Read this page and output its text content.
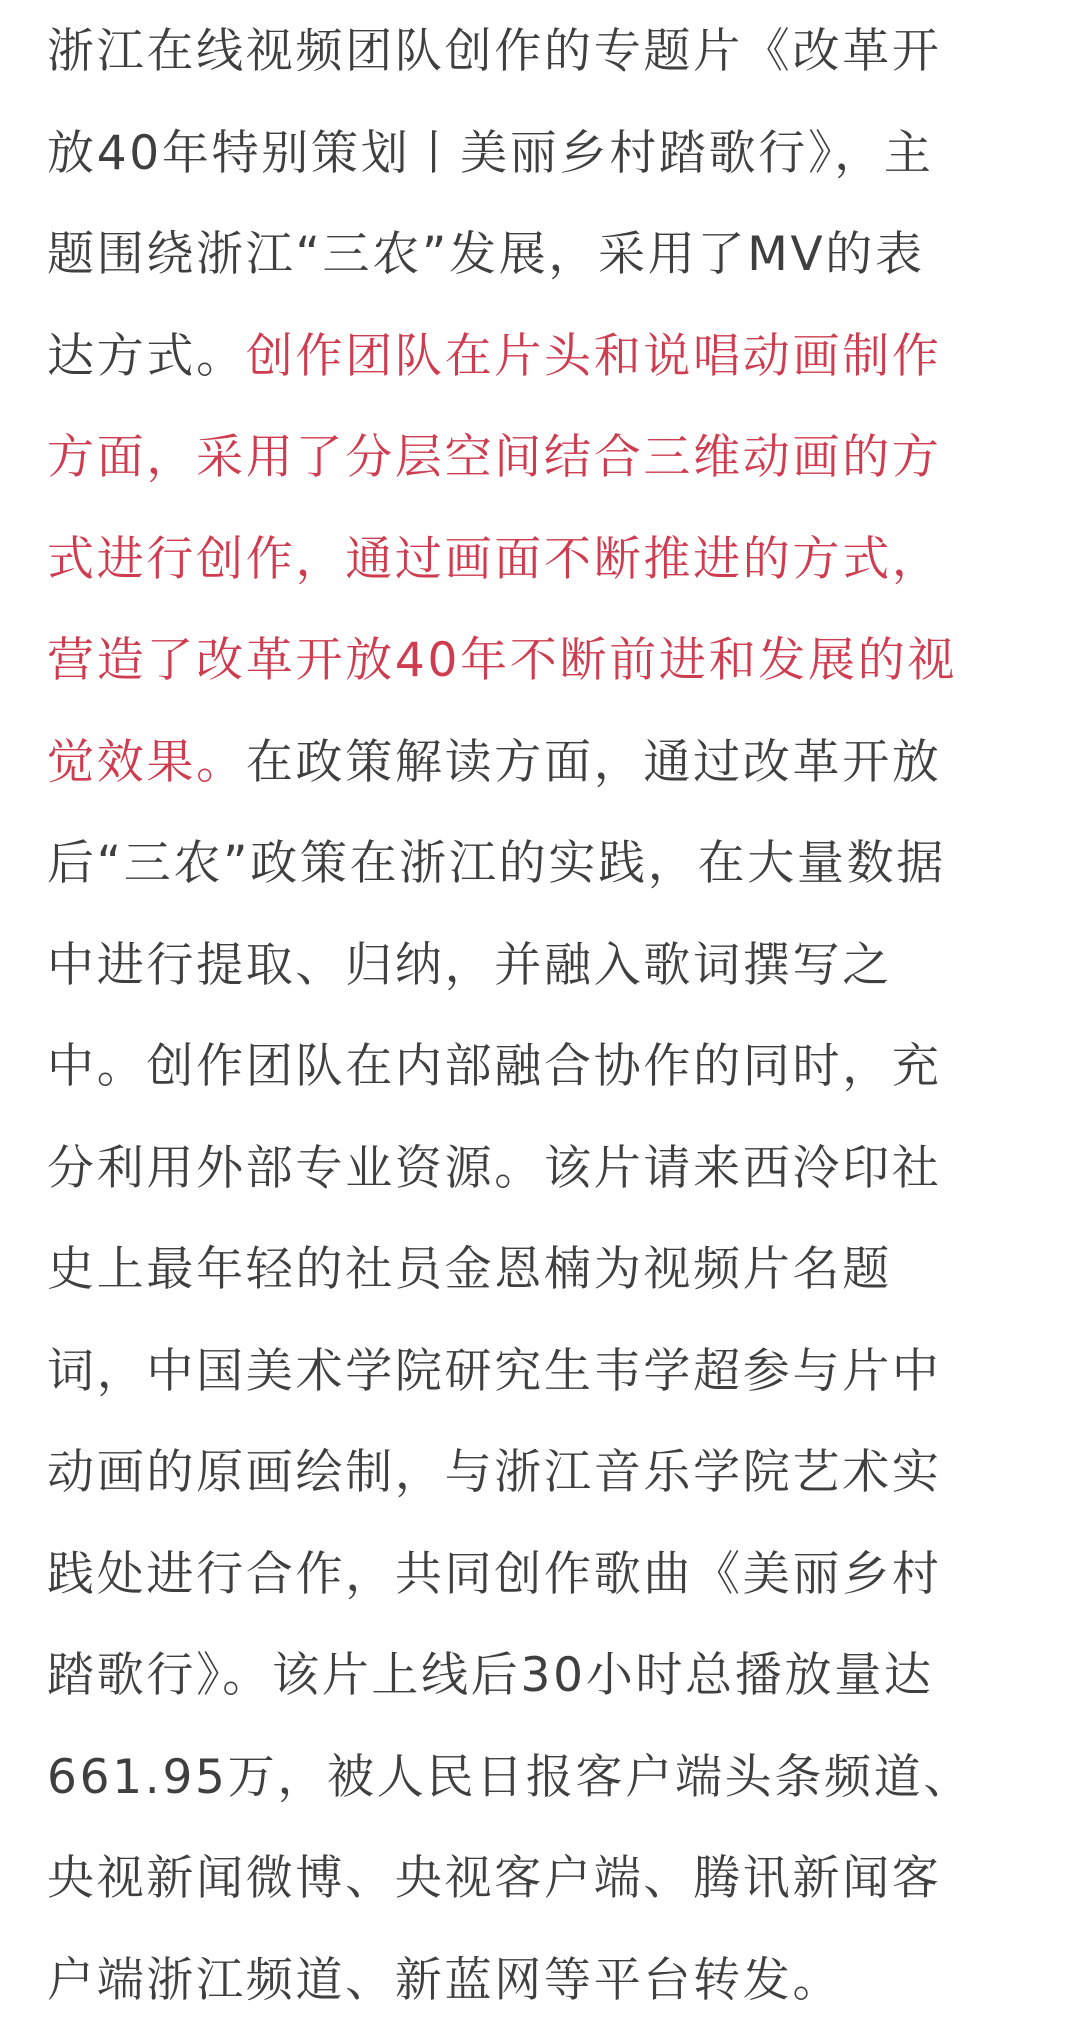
浙江在线视频团队创作的专题片《改革开
放40年特别策划丨美丽乡村踏歌行》，主
题围绕浙江“三农”发展，采用了MV的表
达方式。创作团队在片头和说唱动画制作
方面，采用了分层空间结合三维动画的方
式进行创作，通过画面不断推进的方式，
营造了改革开放40年不断前进和发展的视
觉效果。在政策解读方面，通过改革开放
后“三农”政策在浙江的实践，在大量数据
中进行提取、归纳，并融入歌词撰写之
中。创作团队在内部融合协作的同时，充
分利用外部专业资源。该片请来西泠印社
史上最年轻的社员金恩楠为视频片名题
词，中国美术学院研究生韦学超参与片中
动画的原画绘制，与浙江音乐学院艺术实
践处进行合作，共同创作歌曲《美丽乡村
踏歌行》。该片上线后30小时总播放量达
661.95万，被人民日报客户端头条频道、
央视新闻微博、央视客户端、腾讯新闻客
户端浙江频道、新蓝网等平台转发。
